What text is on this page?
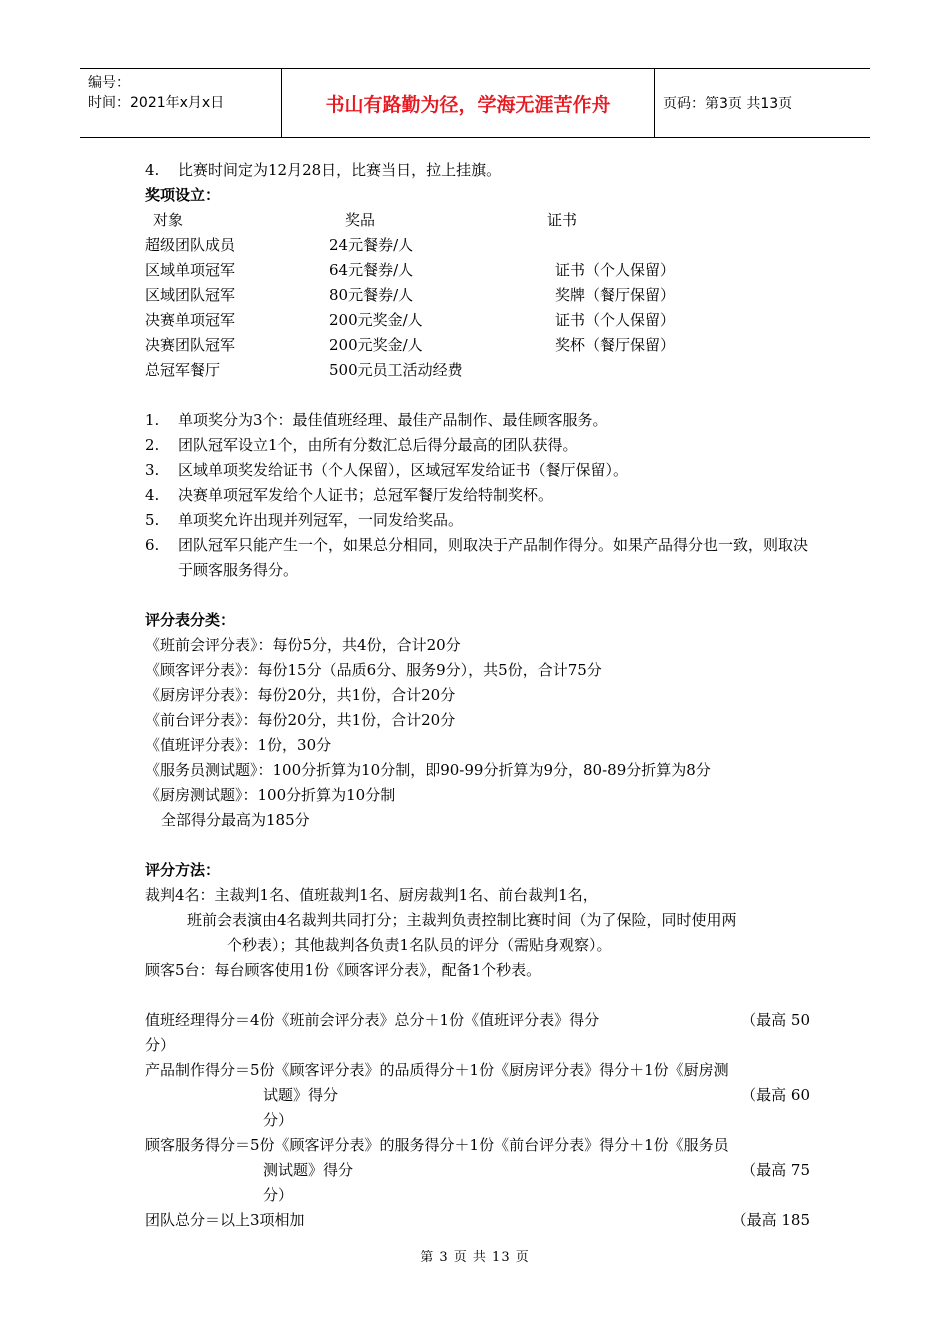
编号：
时间：2021年x月x日	书山有路勤为径，学海无涯苦作舟	页码：第3页 共13页
4.	比赛时间定为12月28日，比赛当日，拉上挂旗。
奖项设立：
对象	奖品	证书
超级团队成员	24元餐券/人
区域单项冠军	64元餐券/人	证书（个人保留）
区域团队冠军	80元餐券/人	奖牌（餐厅保留）
决赛单项冠军	200元奖金/人	证书（个人保留）
决赛团队冠军	200元奖金/人	奖杯（餐厅保留）
总冠军餐厅	500元员工活动经费
1.	单项奖分为3个：最佳值班经理、最佳产品制作、最佳顾客服务。
2.	团队冠军设立1个，由所有分数汇总后得分最高的团队获得。
3.	区域单项奖发给证书（个人保留），区域冠军发给证书（餐厅保留）。
4.	决赛单项冠军发给个人证书；总冠军餐厅发给特制奖杯。
5.	单项奖允许出现并列冠军，一同发给奖品。
6.	团队冠军只能产生一个，如果总分相同，则取决于产品制作得分。如果产品得分也一致，则取决于顾客服务得分。
评分表分类：
《班前会评分表》：每份5分，共4份，合计20分
《顾客评分表》：每份15分（品质6分、服务9分），共5份，合计75分
《厨房评分表》：每份20分，共1份，合计20分
《前台评分表》：每份20分，共1份，合计20分
《值班评分表》：1份，30分
《服务员测试题》：100分折算为10分制，即90-99分折算为9分，80-89分折算为8分
《厨房测试题》：100分折算为10分制
全部得分最高为185分
评分方法：
裁判4名：主裁判1名、值班裁判1名、厨房裁判1名、前台裁判1名，
班前会表演由4名裁判共同打分；主裁判负责控制比赛时间（为了保险，同时使用两
个秒表）；其他裁判各负责1名队员的评分（需贴身观察）。
顾客5台：每台顾客使用1份《顾客评分表》，配备1个秒表。
值班经理得分＝4份《班前会评分表》总分＋1份《值班评分表》得分	（最高 50
分）
产品制作得分＝5份《顾客评分表》的品质得分＋1份《厨房评分表》得分＋1份《厨房测
试题》得分	（最高 60
分）
顾客服务得分＝5份《顾客评分表》的服务得分＋1份《前台评分表》得分＋1份《服务员
测试题》得分	（最高 75
分）
团队总分＝以上3项相加	（最高 185
第 3 页 共 13 页
